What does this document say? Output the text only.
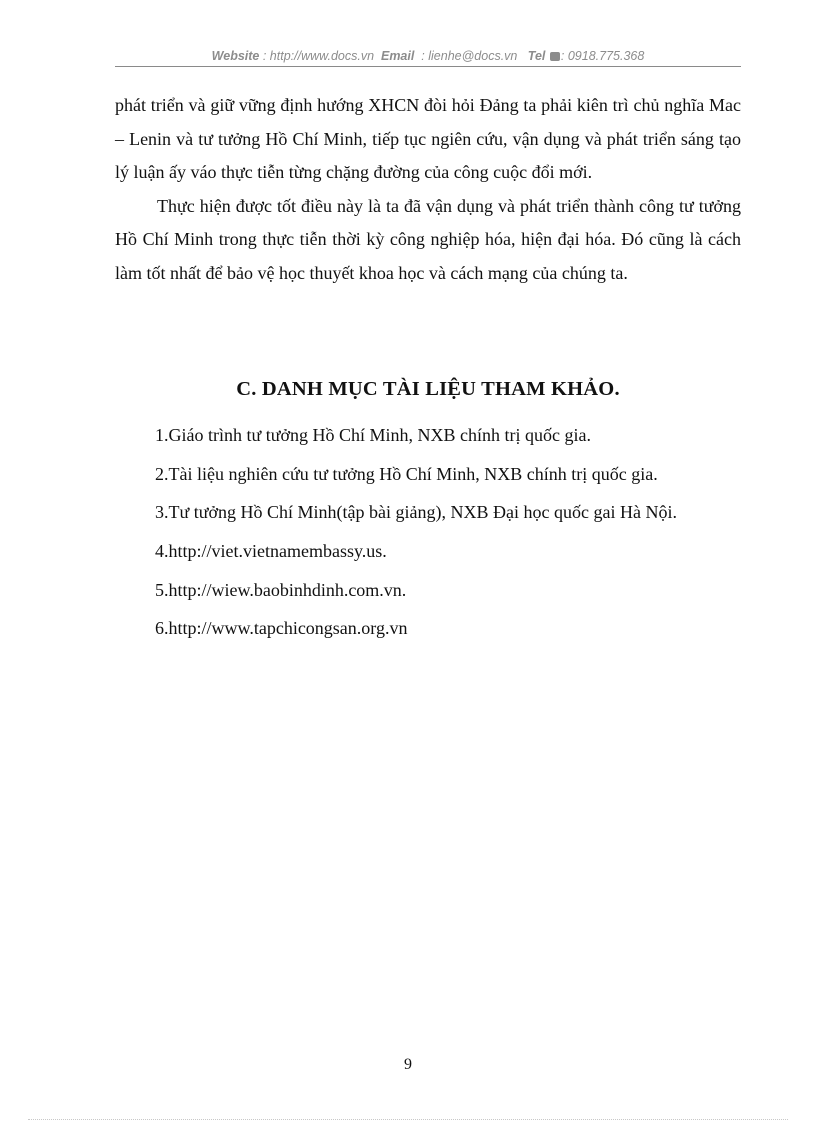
Website : http://www.docs.vn Email : lienhe@docs.vn Tel : 0918.775.368

phát triển và giữ vững định hướng XHCN đòi hỏi Đảng ta phải kiên trì chủ nghĩa Mac – Lenin và tư tưởng Hồ Chí Minh, tiếp tục ngiên cứu, vận dụng và phát triển sáng tạo lý luận ấy váo thực tiễn từng chặng đường của công cuộc đổi mới.

Thực hiện được tốt điều này là ta đã vận dụng và phát triển thành công tư tưởng Hồ Chí Minh trong thực tiễn thời kỳ công nghiệp hóa, hiện đại hóa. Đó cũng là cách làm tốt nhất để bảo vệ học thuyết khoa học và cách mạng của chúng ta.

C. DANH MỤC TÀI LIỆU THAM KHẢO.
1.Giáo trình tư tưởng Hồ Chí Minh, NXB chính trị quốc gia.
2.Tài liệu nghiên cứu tư tưởng Hồ Chí Minh, NXB chính trị quốc gia.
3.Tư tưởng Hồ Chí Minh(tập bài giảng), NXB Đại học quốc gai Hà Nội.
4.http://viet.vietnamembassy.us.
5.http://wiew.baobinhdinh.com.vn.
6.http://www.tapchicongsan.org.vn
9
